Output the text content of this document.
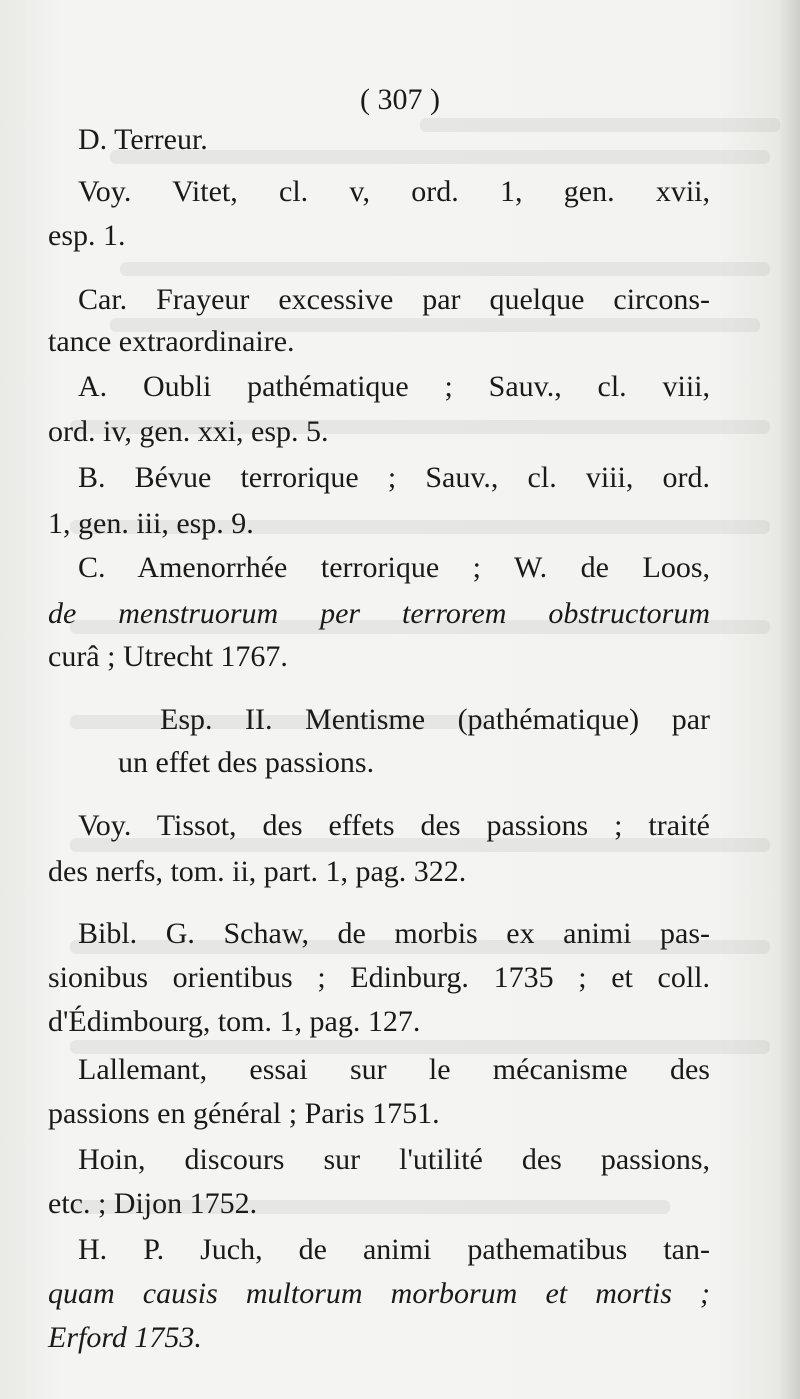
( 307 )
D. Terreur.
Voy. Vitet, cl. v, ord. 1, gen. xvii,
esp. 1.
Car. Frayeur excessive par quelque circons-
tance extraordinaire.
A. Oubli pathématique ; Sauv., cl. viii,
ord. iv, gen. xxi, esp. 5.
B. Bévue terrorique ; Sauv., cl. viii, ord.
1, gen. iii, esp. 9.
C. Amenorrhée terrorique ; W. de Loos,
de menstruorum per terrorem obstructorum
curâ ; Utrecht 1767.
Esp. II. Mentisme (pathématique) par
un effet des passions.
Voy. Tissot, des effets des passions ; traité
des nerfs, tom. ii, part. 1, pag. 322.
Bibl. G. Schaw, de morbis ex animi pas-
sionibus orientibus ; Edinburg. 1735 ; et coll.
d'Édimbourg, tom. 1, pag. 127.
Lallemant, essai sur le mécanisme des
passions en général ; Paris 1751.
Hoin, discours sur l'utilité des passions,
etc. ; Dijon 1752.
H. P. Juch, de animi pathematibus tan-
quam causis multorum morborum et mortis ;
Erford 1753.
